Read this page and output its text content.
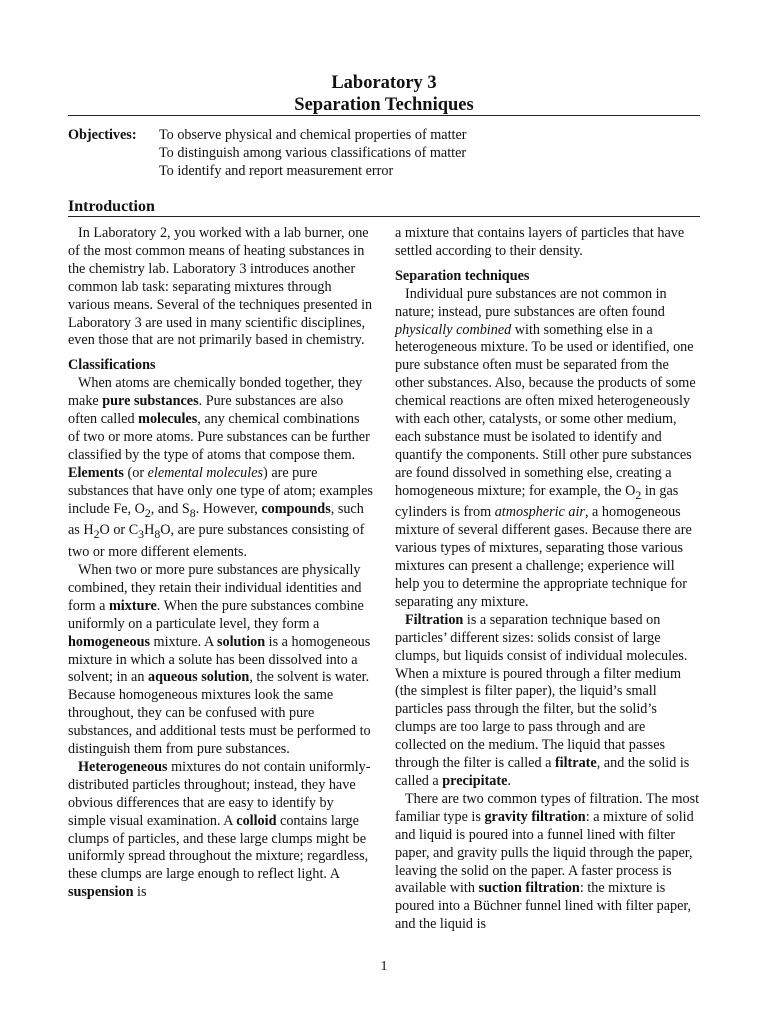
Laboratory 3
Separation Techniques
Objectives: To observe physical and chemical properties of matter
To distinguish among various classifications of matter
To identify and report measurement error
Introduction

In Laboratory 2, you worked with a lab burner, one of the most common means of heating substances in the chemistry lab. Laboratory 3 introduces another common lab task: separating mixtures through various means. Several of the techniques presented in Laboratory 3 are used in many scientific disciplines, even those that are not primarily based in chemistry.

Classifications

When atoms are chemically bonded together, they make pure substances. Pure substances are also often called molecules, any chemical combinations of two or more atoms. Pure substances can be further classified by the type of atoms that compose them. Elements (or elemental molecules) are pure substances that have only one type of atom; examples include Fe, $O_2$, and $S_8$. However, compounds, such as $H_2O$ or $C_3H_8O$, are pure substances consisting of two or more different elements.

When two or more pure substances are physically combined, they retain their individual identities and form a mixture. When the pure substances combine uniformly on a particulate level, they form a homogeneous mixture. A solution is a homogeneous mixture in which a solute has been dissolved into a solvent; in an aqueous solution, the solvent is water. Because homogeneous mixtures look the same throughout, they can be confused with pure substances, and additional tests must be performed to distinguish them from pure substances.

Heterogeneous mixtures do not contain uniformly-distributed particles throughout; instead, they have obvious differences that are easy to identify by simple visual examination. A colloid contains large clumps of particles, and these large clumps might be uniformly spread throughout the mixture; regardless, these clumps are large enough to reflect light. A suspension is

a mixture that contains layers of particles that have settled according to their density.

Separation techniques

Individual pure substances are not common in nature; instead, pure substances are often found physically combined with something else in a heterogeneous mixture. To be used or identified, one pure substance often must be separated from the other substances. Also, because the products of some chemical reactions are often mixed heterogeneously with each other, catalysts, or some other medium, each substance must be isolated to identify and quantify the components. Still other pure substances are found dissolved in something else, creating a homogeneous mixture; for example, the $O_2$ in gas cylinders is from atmospheric air, a homogeneous mixture of several different gases. Because there are various types of mixtures, separating those various mixtures can present a challenge; experience will help you to determine the appropriate technique for separating any mixture.

Filtration is a separation technique based on particles’ different sizes: solids consist of large clumps, but liquids consist of individual molecules. When a mixture is poured through a filter medium (the simplest is filter paper), the liquid’s small particles pass through the filter, but the solid’s clumps are too large to pass through and are collected on the medium. The liquid that passes through the filter is called a filtrate, and the solid is called a precipitate.

There are two common types of filtration. The most familiar type is gravity filtration: a mixture of solid and liquid is poured into a funnel lined with filter paper, and gravity pulls the liquid through the paper, leaving the solid on the paper. A faster process is available with suction filtration: the mixture is poured into a Büchner funnel lined with filter paper, and the liquid is

1
